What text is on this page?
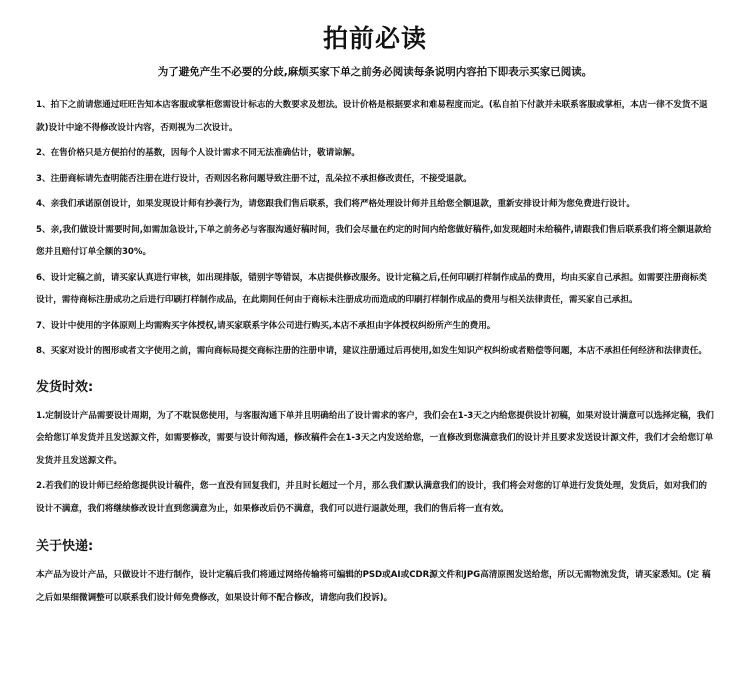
拍前必读
为了避免产生不必要的分歧,麻烦买家下单之前务必阅读每条说明内容拍下即表示买家已阅读。

1、拍下之前请您通过旺旺告知本店客服或掌柜您需设计标志的大数要求及想法。设计价格是根据要求和难易程度而定。(私自拍下付款并未联系客服或掌柜，本店一律不发货不退款)设计中途不得修改设计内容，否则视为二次设计。

2、在售价格只是方便拍付的基数，因每个人设计需求不同无法准确估计，敬请谅解。

3、注册商标请先查明能否注册在进行设计，否则因名称问题导致注册不过，乱朵拉不承担修改责任，不接受退款。

4、亲我们承诺原创设计，如果发现设计师有抄袭行为，请您跟我们售后联系，我们将严格处理设计师并且给您全额退款，重新安排设计师为您免费进行设计。

5、亲,我们做设计需要时间,如需加急设计,下单之前务必与客服沟通好稿时间，我们会尽量在约定的时间内给您做好稿件,如发现超时未给稿件,请跟我们售后联系我们将全额退款给您并且赔付订单全额的30%。

6、设计定稿之前，请买家认真进行审核，如出现排版，错别字等错误，本店提供修改服务。设计定稿之后,任何印刷打样制作成品的费用，均由买家自己承担。如需要注册商标类设计，需待商标注册成功之后进行印刷打样制作成品，在此期间任何由于商标未注册成功而造成的印刷打样制作成品的费用与相关法律责任，需买家自己承担。

7、设计中使用的字体原则上均需购买字体授权,请买家联系字体公司进行购买,本店不承担由字体授权纠纷所产生的费用。

8、买家对设计的图形或者文字使用之前，需向商标局提交商标注册的注册申请，建议注册通过后再使用,如发生知识产权纠纷或者赔偿等问题，本店不承担任何经济和法律责任。

发货时效:

1.定制设计产品需要设计周期，为了不耽误您使用，与客服沟通下单并且明确给出了设计需求的客户，我们会在1-3天之内给您提供设计初稿，如果对设计满意可以选择定稿，我们会给您订单发货并且发送源文件，如需要修改，需要与设计师沟通，修改稿件会在1-3天之内发送给您，一直修改到您满意我们的设计并且要求发送设计源文件，我们才会给您订单发货并且发送源文件。

2.若我们的设计师已经给您提供设计稿件，您一直没有回复我们，并且时长超过一个月，那么我们默认满意我们的设计，我们将会对您的订单进行发货处理，发货后，如对我们的设计不满意，我们将继续修改设计直到您满意为止，如果修改后仍不满意，我们可以进行退款处理，我们的售后将一直有效。

关于快递:

本产品为设计产品，只做设计不进行制作，设计定稿后我们将通过网络传输将可编辑的PSD或AI或CDR源文件和JPG高清原图发送给您，所以无需物流发货，请买家悉知。(定 稿之后如果细微调整可以联系我们设计师免费修改，如果设计师不配合修改，请您向我们投诉)。
